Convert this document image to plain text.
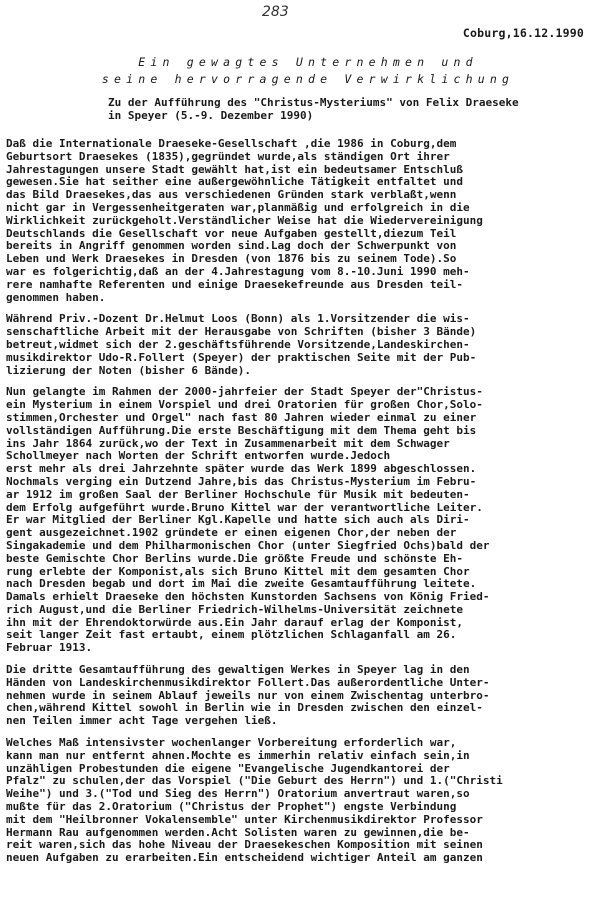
283
Coburg,16.12.1990
Ein gewagtes Unternehmen und
seine hervorragende Verwirklichung
Zu der Aufführung des "Christus-Mysteriums" von Felix Draeseke
in Speyer (5.-9. Dezember 1990)
Daß die Internationale Draeseke-Gesellschaft ,die 1986 in Coburg,dem
Geburtsort Draesekes (1835),gegründet wurde,als ständigen Ort ihrer
Jahrestagungen unsere Stadt gewählt hat,ist ein bedeutsamer Entschluß
gewesen.Sie hat seither eine außergewöhnliche Tätigkeit entfaltet und
das Bild Draesekes,das aus verschiedenen Gründen stark verblaßt,wenn
nicht gar in Vergessenheitgeraten war,planmäßig und erfolgreich in die
Wirklichkeit zurückgeholt.Verständlicher Weise hat die Wiedervereinigung
Deutschlands die Gesellschaft vor neue Aufgaben gestellt,diezum Teil
bereits in Angriff genommen worden sind.Lag doch der Schwerpunkt von
Leben und Werk Draesekes in Dresden (von 1876 bis zu seinem Tode).So
war es folgerichtig,daß an der 4.Jahrestagung vom 8.-10.Juni 1990 meh-
rere namhafte Referenten und einige Draesekefreunde aus Dresden teil-
genommen haben.
Während Priv.-Dozent Dr.Helmut Loos (Bonn) als 1.Vorsitzender die wis-
senschaftliche Arbeit mit der Herausgabe von Schriften (bisher 3 Bände)
betreut,widmet sich der 2.geschäftsführende Vorsitzende,Landeskirchen-
musikdirektor Udo-R.Follert (Speyer) der praktischen Seite mit der Pub-
lizierung der Noten (bisher 6 Bände).
Nun gelangte im Rahmen der 2000-jahrfeier der Stadt Speyer der"Christus-
ein Mysterium in einem Vorspiel und drei Oratorien für großen Chor,Solo-
stimmen,Orchester und Orgel" nach fast 80 Jahren wieder einmal zu einer
vollständigen Aufführung.Die erste Beschäftigung mit dem Thema geht bis
ins Jahr 1864 zurück,wo der Text in Zusammenarbeit mit dem Schwager
Schollmeyer nach Worten der Schrift entworfen wurde.Jedoch
erst mehr als drei Jahrzehnte später wurde das Werk 1899 abgeschlossen.
Nochmals verging ein Dutzend Jahre,bis das Christus-Mysterium im Febru-
ar 1912 im großen Saal der Berliner Hochschule für Musik mit bedeuten-
dem Erfolg aufgeführt wurde.Bruno Kittel war der verantwortliche Leiter.
Er war Mitglied der Berliner Kgl.Kapelle und hatte sich auch als Diri-
gent ausgezeichnet.1902 gründete er einen eigenen Chor,der neben der
Singakademie und dem Philharmonischen Chor (unter Siegfried Ochs)bald der
beste Gemischte Chor Berlins wurde.Die größte Freude und schönste Eh-
rung erlebte der Komponist,als sich Bruno Kittel mit dem gesamten Chor
nach Dresden begab und dort im Mai die zweite Gesamtaufführung leitete.
Damals erhielt Draeseke den höchsten Kunstorden Sachsens von König Fried-
rich August,und die Berliner Friedrich-Wilhelms-Universität zeichnete
ihn mit der Ehrendoktorwürde aus.Ein Jahr darauf erlag der Komponist,
seit langer Zeit fast ertaubt, einem plötzlichen Schlaganfall am 26.
Februar 1913.
Die dritte Gesamtaufführung des gewaltigen Werkes in Speyer lag in den
Händen von Landeskirchenmusikdirektor Follert.Das außerordentliche Unter-
nehmen wurde in seinem Ablauf jeweils nur von einem Zwischentag unterbro-
chen,während Kittel sowohl in Berlin wie in Dresden zwischen den einzel-
nen Teilen immer acht Tage vergehen ließ.
Welches Maß intensivster wochenlanger Vorbereitung erforderlich war,
kann man nur entfernt ahnen.Mochte es immerhin relativ einfach sein,in
unzähligen Probestunden die eigene "Evangelische Jugendkantorei der
Pfalz" zu schulen,der das Vorspiel ("Die Geburt des Herrn") und 1.("Christi
Weihe") und 3.("Tod und Sieg des Herrn") Oratorium anvertraut waren,so
mußte für das 2.Oratorium ("Christus der Prophet") engste Verbindung
mit dem "Heilbronner Vokalensemble" unter Kirchenmusikdirektor Professor
Hermann Rau aufgenommen werden.Acht Solisten waren zu gewinnen,die be-
reit waren,sich das hohe Niveau der Draesekeschen Komposition mit seinen
neuen Aufgaben zu erarbeiten.Ein entscheidend wichtiger Anteil am ganzen
